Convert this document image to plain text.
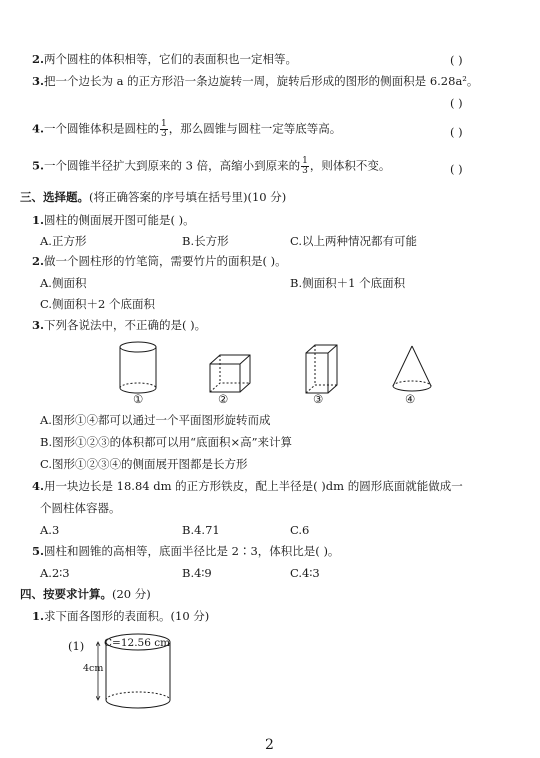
2.两个圆柱的体积相等，它们的表面积也一定相等。	( )
3.把一个边长为 a 的正方形沿一条边旋转一周，旋转后形成的图形的侧面积是 6.28a²。
( )
4.一个圆锥体积是圆柱的 $\frac{1}{3}$ ，那么圆锥与圆柱一定等底等高。	( )
5.一个圆锥半径扩大到原来的 3 倍，高缩小到原来的 $\frac{1}{3}$ ，则体积不变。	( )
三、选择题。(将正确答案的序号填在括号里)(10 分)
1.圆柱的侧面展开图可能是( )。
A.正方形	B.长方形	C.以上两种情况都有可能
2.做一个圆柱形的竹笔筒，需要竹片的面积是( )。
A.侧面积	B.侧面积＋1 个底面积
C.侧面积＋2 个底面积
3.下列各说法中，不正确的是( )。
①	②	③	④
A.图形①④都可以通过一个平面图形旋转而成
B.图形①②③的体积都可以用“底面积×高”来计算
C.图形①②③④的侧面展开图都是长方形
4.用一块边长是 18.84 dm 的正方形铁皮，配上半径是( )dm 的圆形底面就能做成一
个圆柱体容器。
A.3	B.4.71	C.6
5.圆柱和圆锥的高相等，底面半径比是 2∶3，体积比是( )。
A.2∶3	B.4∶9	C.4∶3
四、按要求计算。(20 分)
1.求下面各图形的表面积。(10 分)
(1) C=12.56 cm
4cm
2
